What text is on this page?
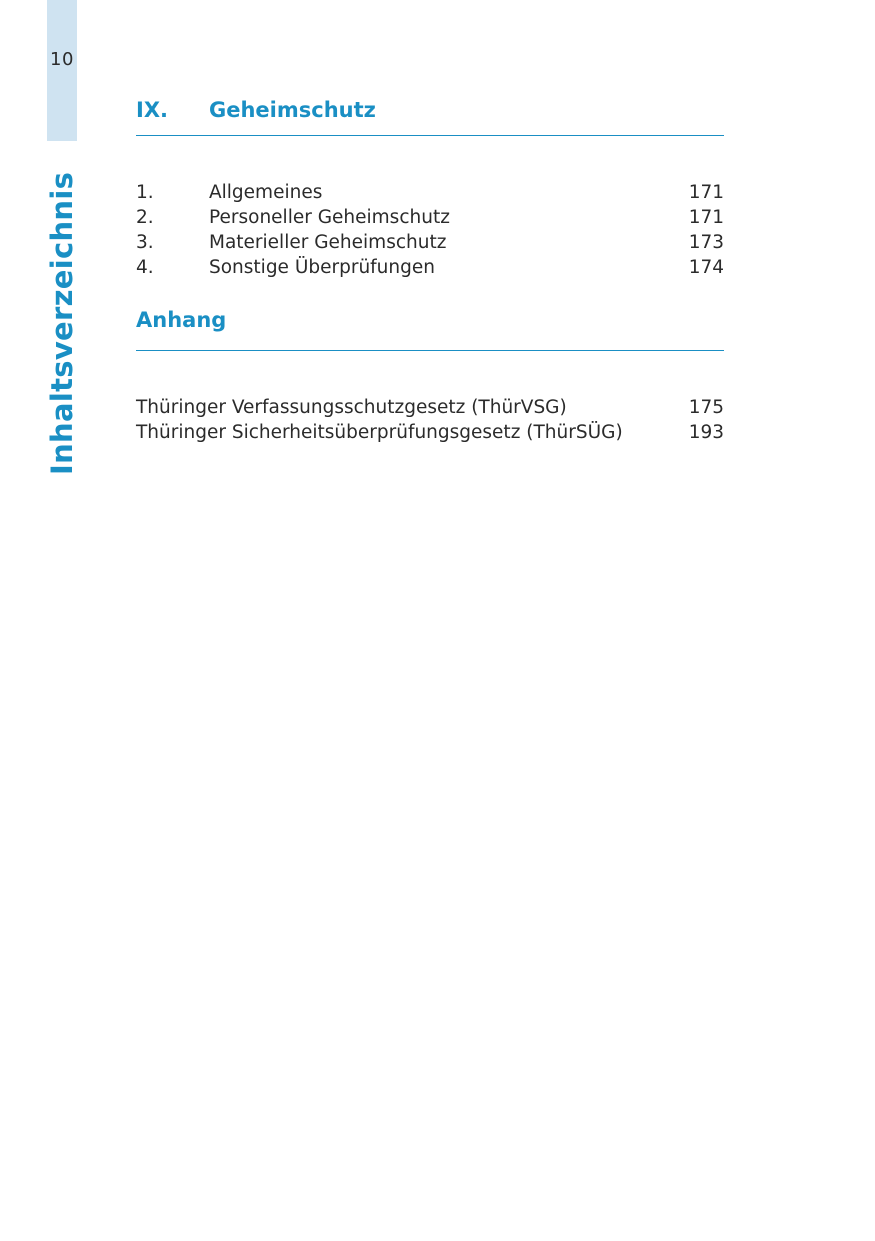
10
Inhaltsverzeichnis
IX. Geheimschutz
1.	Allgemeines	171
2.	Personeller Geheimschutz	171
3.	Materieller Geheimschutz	173
4.	Sonstige Überprüfungen	174
Anhang
Thüringer Verfassungsschutzgesetz (ThürVSG)	175
Thüringer Sicherheitsüberprüfungsgesetz (ThürSÜG)	193
